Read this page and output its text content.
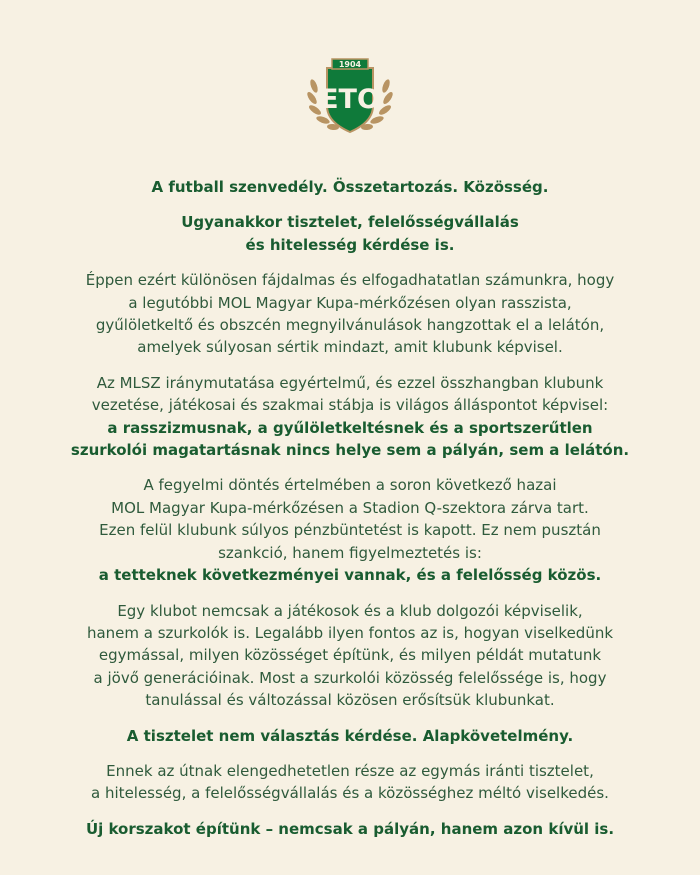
ETO
1904

A futball szenvedély. Összetartozás. Közösség.

Ugyanakkor tisztelet, felelősségvállalás
és hitelesség kérdése is.

Éppen ezért különösen fájdalmas és elfogadhatatlan számunkra, hogy
a legutóbbi MOL Magyar Kupa-mérkőzésen olyan rasszista,
gyűlöletkeltő és obszcén megnyilvánulások hangzottak el a lelátón,
amelyek súlyosan sértik mindazt, amit klubunk képvisel.

Az MLSZ iránymutatása egyértelmű, és ezzel összhangban klubunk
vezetése, játékosai és szakmai stábja is világos álláspontot képvisel:
a rasszizmusnak, a gyűlöletkeltésnek és a sportszerűtlen
szurkolói magatartásnak nincs helye sem a pályán, sem a lelátón.

A fegyelmi döntés értelmében a soron következő hazai
MOL Magyar Kupa-mérkőzésen a Stadion Q-szektora zárva tart.
Ezen felül klubunk súlyos pénzbüntetést is kapott. Ez nem pusztán
szankció, hanem figyelmeztetés is:
a tetteknek következményei vannak, és a felelősség közös.

Egy klubot nemcsak a játékosok és a klub dolgozói képviselik,
hanem a szurkolók is. Legalább ilyen fontos az is, hogyan viselkedünk
egymással, milyen közösséget építünk, és milyen példát mutatunk
a jövő generációinak. Most a szurkolói közösség felelőssége is, hogy
tanulással és változással közösen erősítsük klubunkat.

A tisztelet nem választás kérdése. Alapkövetelmény.

Ennek az útnak elengedhetetlen része az egymás iránti tisztelet,
a hitelesség, a felelősségvállalás és a közösséghez méltó viselkedés.

Új korszakot építünk – nemcsak a pályán, hanem azon kívül is.
